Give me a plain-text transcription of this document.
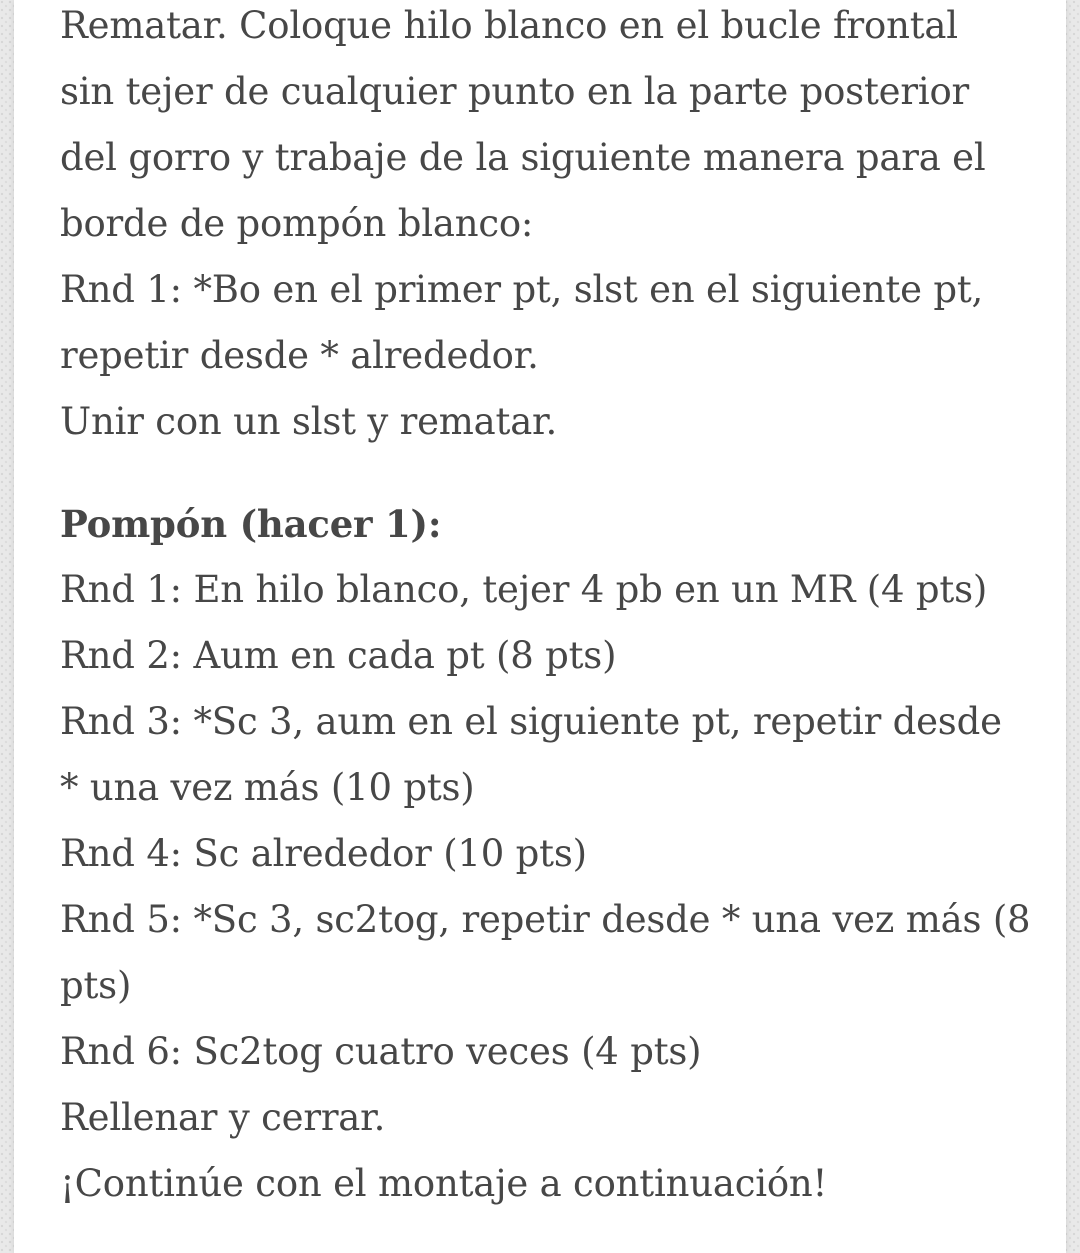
Rematar. Coloque hilo blanco en el bucle frontal
sin tejer de cualquier punto en la parte posterior
del gorro y trabaje de la siguiente manera para el
borde de pompón blanco:
Rnd 1: *Bo en el primer pt, slst en el siguiente pt,
repetir desde * alrededor.
Unir con un slst y rematar.
Pompón (hacer 1):
Rnd 1: En hilo blanco, tejer 4 pb en un MR (4 pts)
Rnd 2: Aum en cada pt (8 pts)
Rnd 3: *Sc 3, aum en el siguiente pt, repetir desde
* una vez más (10 pts)
Rnd 4: Sc alrededor (10 pts)
Rnd 5: *Sc 3, sc2tog, repetir desde * una vez más (8
pts)
Rnd 6: Sc2tog cuatro veces (4 pts)
Rellenar y cerrar.
¡Continúe con el montaje a continuación!
